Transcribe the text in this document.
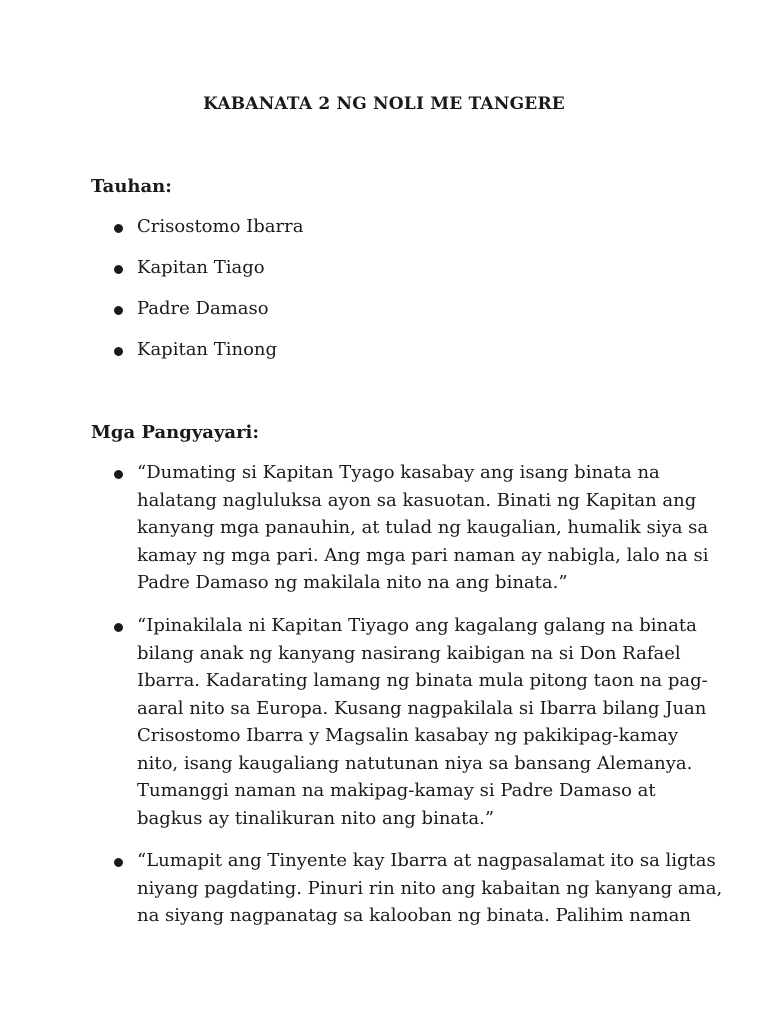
KABANATA 2 NG NOLI ME TANGERE
Tauhan:
Crisostomo Ibarra
Kapitan Tiago
Padre Damaso
Kapitan Tinong
Mga Pangyayari:

“Dumating si Kapitan Tyago kasabay ang isang binata na
halatang nagluluksa ayon sa kasuotan. Binati ng Kapitan ang
kanyang mga panauhin, at tulad ng kaugalian, humalik siya sa
kamay ng mga pari. Ang mga pari naman ay nabigla, lalo na si
Padre Damaso ng makilala nito na ang binata.”

“Ipinakilala ni Kapitan Tiyago ang kagalang galang na binata
bilang anak ng kanyang nasirang kaibigan na si Don Rafael
Ibarra. Kadarating lamang ng binata mula pitong taon na pag-
aaral nito sa Europa. Kusang nagpakilala si Ibarra bilang Juan
Crisostomo Ibarra y Magsalin kasabay ng pakikipag-kamay
nito, isang kaugaliang natutunan niya sa bansang Alemanya.
Tumanggi naman na makipag-kamay si Padre Damaso at
bagkus ay tinalikuran nito ang binata.”

“Lumapit ang Tinyente kay Ibarra at nagpasalamat ito sa ligtas
niyang pagdating. Pinuri rin nito ang kabaitan ng kanyang ama,
na siyang nagpanatag sa kalooban ng binata. Palihim naman
